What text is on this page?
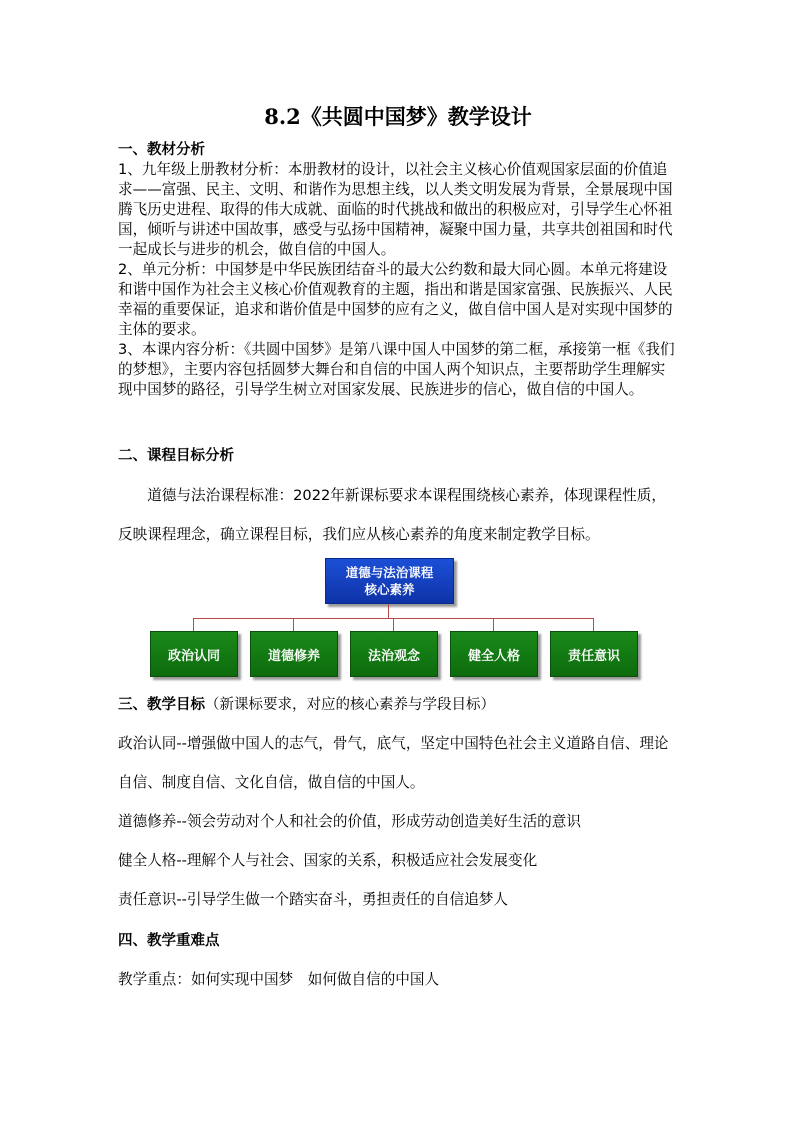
8.2《共圆中国梦》教学设计
一、教材分析

1、九年级上册教材分析：本册教材的设计，以社会主义核心价值观国家层面的价值追求——富强、民主、文明、和谐作为思想主线，以人类文明发展为背景，全景展现中国腾飞历史进程、取得的伟大成就、面临的时代挑战和做出的积极应对，引导学生心怀祖国，倾听与讲述中国故事，感受与弘扬中国精神，凝聚中国力量，共享共创祖国和时代一起成长与进步的机会，做自信的中国人。

2、单元分析：中国梦是中华民族团结奋斗的最大公约数和最大同心圆。本单元将建设和谐中国作为社会主义核心价值观教育的主题，指出和谐是国家富强、民族振兴、人民幸福的重要保证，追求和谐价值是中国梦的应有之义，做自信中国人是对实现中国梦的主体的要求。

3、本课内容分析：《共圆中国梦》是第八课中国人中国梦的第二框，承接第一框《我们的梦想》，主要内容包括圆梦大舞台和自信的中国人两个知识点，主要帮助学生理解实现中国梦的路径，引导学生树立对国家发展、民族进步的信心，做自信的中国人。

二、课程目标分析

道德与法治课程标准：2022年新课标要求本课程围绕核心素养，体现课程性质，反映课程理念，确立课程目标，我们应从核心素养的角度来制定教学目标。

道德与法治课程
核心素养
政治认同	道德修养	法治观念	健全人格	责任意识
三、教学目标（新课标要求，对应的核心素养与学段目标）

政治认同--增强做中国人的志气，骨气，底气，坚定中国特色社会主义道路自信、理论自信、制度自信、文化自信，做自信的中国人。

道德修养--领会劳动对个人和社会的价值，形成劳动创造美好生活的意识
健全人格--理解个人与社会、国家的关系，积极适应社会发展变化
责任意识--引导学生做一个踏实奋斗，勇担责任的自信追梦人
四、教学重难点
教学重点：如何实现中国梦　如何做自信的中国人
